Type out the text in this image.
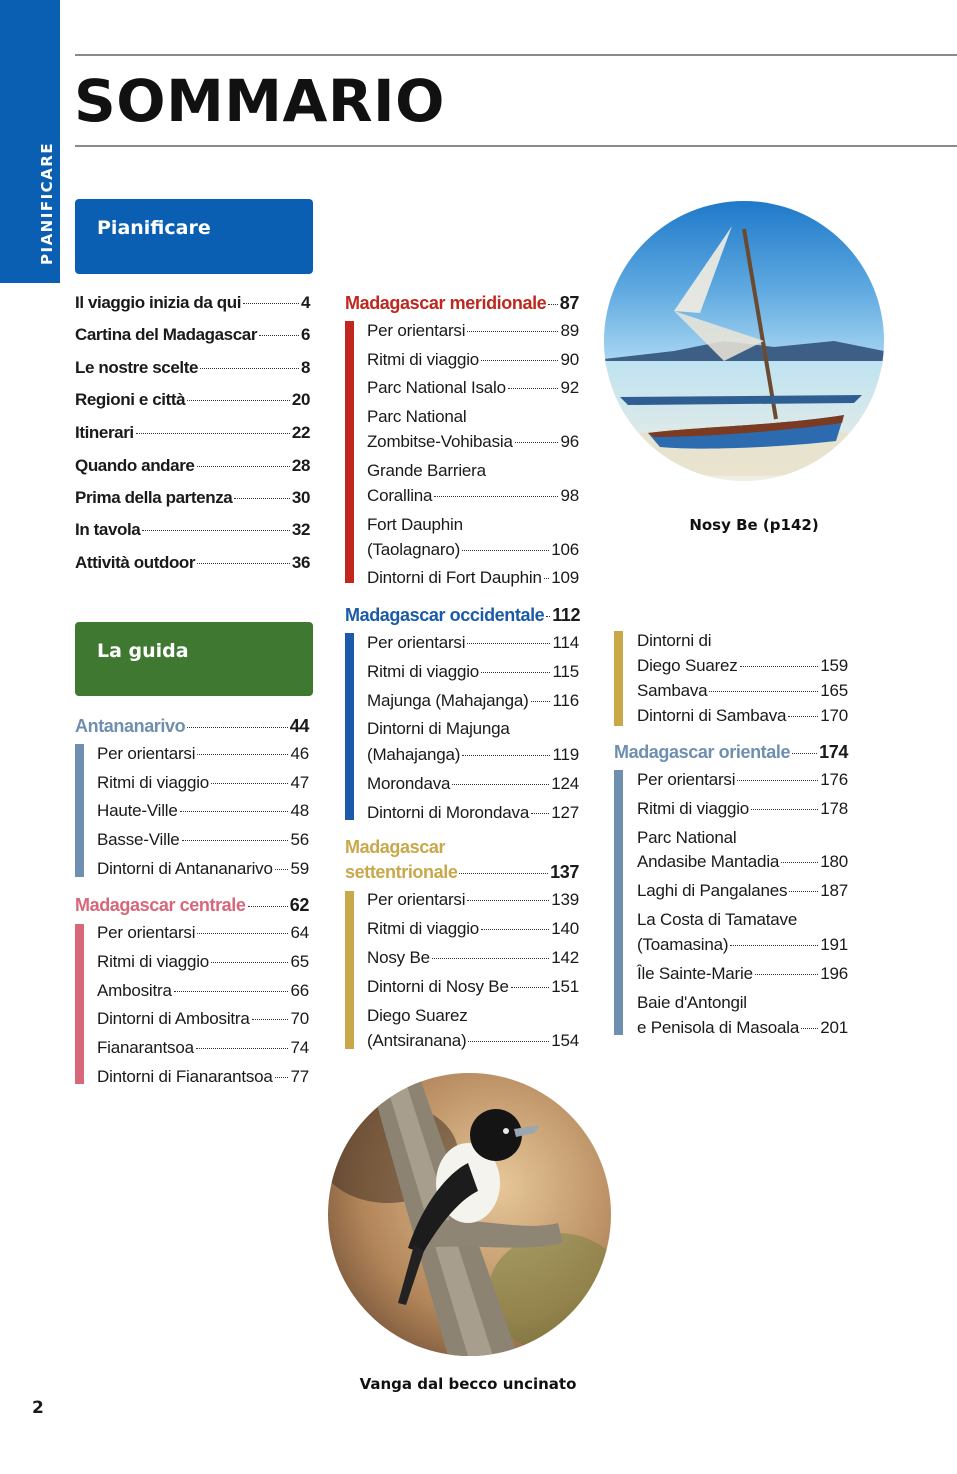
PIANIFICARE
SOMMARIO
Pianificare
Il viaggio inizia da qui	4
Cartina del Madagascar	6
Le nostre scelte	8
Regioni e città	20
Itinerari	22
Quando andare	28
Prima della partenza	30
In tavola	32
Attività outdoor	36
La guida
Antananarivo	44
Per orientarsi	46
Ritmi di viaggio	47
Haute-Ville	48
Basse-Ville	56
Dintorni di Antananarivo 59
Madagascar centrale 62
Per orientarsi	64
Ritmi di viaggio	65
Ambositra	66
Dintorni di Ambositra 70
Fianarantsoa	74
Dintorni di Fianarantsoa 77
Madagascar meridionale 87
Per orientarsi	89
Ritmi di viaggio	90
Parc National Isalo	92
Parc National
Zombitse-Vohibasia	96
Grande Barriera
Corallina	98
Fort Dauphin
(Taolagnaro)	106
Dintorni di Fort Dauphin 109
Madagascar occidentale 112
Per orientarsi	114
Ritmi di viaggio	115
Majunga (Mahajanga) 116
Dintorni di Majunga
(Mahajanga)	119
Morondava	124
Dintorni di Morondava 127
Madagascar
settentrionale	137
Per orientarsi	139
Ritmi di viaggio	140
Nosy Be	142
Dintorni di Nosy Be	151
Diego Suarez
(Antsiranana)	154
Dintorni di
Diego Suarez	159
Sambava	165
Dintorni di Sambava 170
Madagascar orientale 174
Per orientarsi	176
Ritmi di viaggio	178
Parc National
Andasibe Mantadia 180
Laghi di Pangalanes 187
La Costa di Tamatave
(Toamasina)	191
Île Sainte-Marie	196
Baie d'Antongil
e Penisola di Masoala 201
Nosy Be (p142)
Vanga dal becco uncinato
2
